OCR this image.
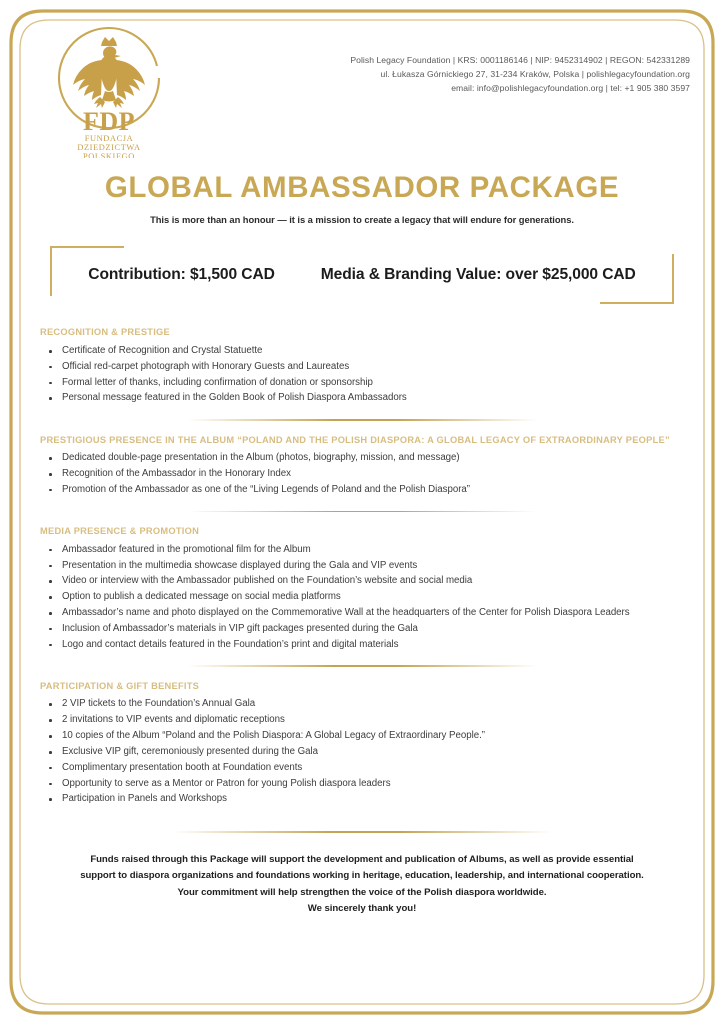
FDP
FUNDACJA
DZIEDZICTWA
POLSKIEGO
Polish Legacy Foundation | KRS: 0001186146 | NIP: 9452314902 | REGON: 542331289
ul. Łukasza Górnickiego 27, 31-234 Kraków, Polska | polishlegacyfoundation.org
email: info@polishlegacyfoundation.org | tel: +1 905 380 3597
GLOBAL AMBASSADOR PACKAGE
This is more than an honour — it is a mission to create a legacy that will endure for generations.
Contribution: $1,500 CAD	Media & Branding Value: over $25,000 CAD
RECOGNITION & PRESTIGE
Certificate of Recognition and Crystal Statuette
Official red-carpet photograph with Honorary Guests and Laureates
Formal letter of thanks, including confirmation of donation or sponsorship
Personal message featured in the Golden Book of Polish Diaspora Ambassadors
PRESTIGIOUS PRESENCE IN THE ALBUM “POLAND AND THE POLISH DIASPORA: A GLOBAL LEGACY OF EXTRAORDINARY PEOPLE”
Dedicated double-page presentation in the Album (photos, biography, mission, and message)
Recognition of the Ambassador in the Honorary Index
Promotion of the Ambassador as one of the “Living Legends of Poland and the Polish Diaspora”
MEDIA PRESENCE & PROMOTION
Ambassador featured in the promotional film for the Album
Presentation in the multimedia showcase displayed during the Gala and VIP events
Video or interview with the Ambassador published on the Foundation’s website and social media
Option to publish a dedicated message on social media platforms
Ambassador’s name and photo displayed on the Commemorative Wall at the headquarters of the Center for Polish Diaspora Leaders
Inclusion of Ambassador’s materials in VIP gift packages presented during the Gala
Logo and contact details featured in the Foundation’s print and digital materials
PARTICIPATION & GIFT BENEFITS
2 VIP tickets to the Foundation’s Annual Gala
2 invitations to VIP events and diplomatic receptions
10 copies of the Album “Poland and the Polish Diaspora: A Global Legacy of Extraordinary People.”
Exclusive VIP gift, ceremoniously presented during the Gala
Complimentary presentation booth at Foundation events
Opportunity to serve as a Mentor or Patron for young Polish diaspora leaders
Participation in Panels and Workshops
Funds raised through this Package will support the development and publication of Albums, as well as provide essential
support to diaspora organizations and foundations working in heritage, education, leadership, and international cooperation.
Your commitment will help strengthen the voice of the Polish diaspora worldwide.
We sincerely thank you!
